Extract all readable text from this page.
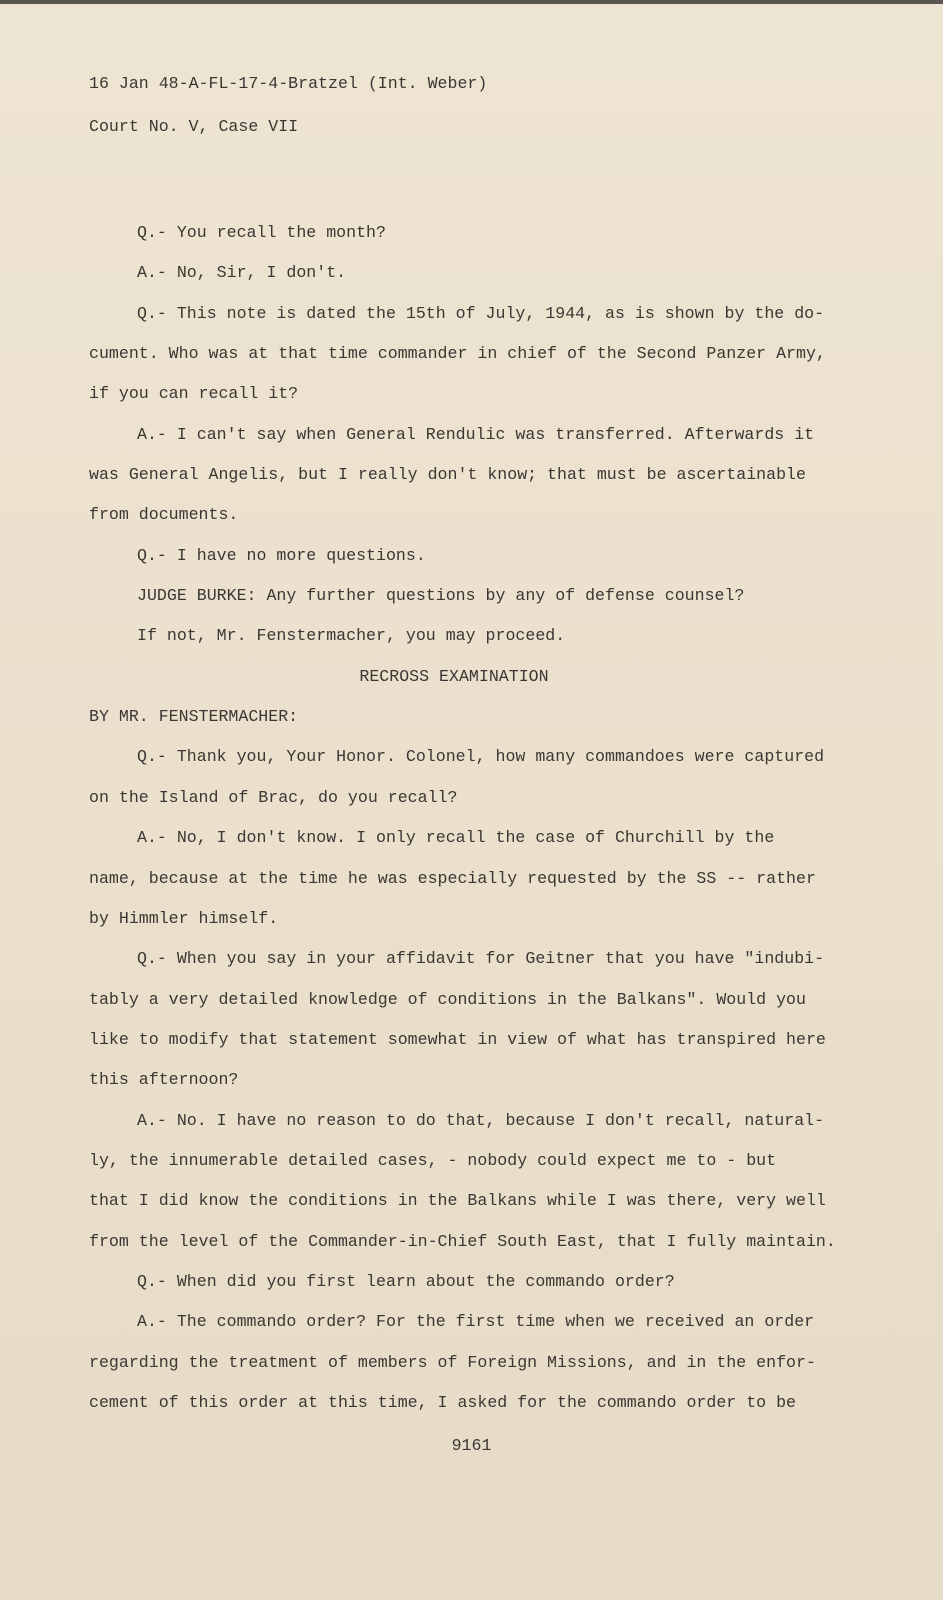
16 Jan 48-A-FL-17-4-Bratzel (Int. Weber)
Court No. V, Case VII
Q.- You recall the month?
A.- No, Sir, I don't.
Q.- This note is dated the 15th of July, 1944, as is shown by the do-
cument. Who was at that time commander in chief of the Second Panzer Army,
if you can recall it?
A.- I can't say when General Rendulic was transferred. Afterwards it
was General Angelis, but I really don't know; that must be ascertainable
from documents.
Q.- I have no more questions.
JUDGE BURKE: Any further questions by any of defense counsel?
If not, Mr. Fenstermacher, you may proceed.
RECROSS EXAMINATION
BY MR. FENSTERMACHER:
Q.- Thank you, Your Honor. Colonel, how many commandoes were captured
on the Island of Brac, do you recall?
A.- No, I don't know. I only recall the case of Churchill by the
name, because at the time he was especially requested by the SS -- rather
by Himmler himself.
Q.- When you say in your affidavit for Geitner that you have "indubi-
tably a very detailed knowledge of conditions in the Balkans". Would you
like to modify that statement somewhat in view of what has transpired here
this afternoon?
A.- No. I have no reason to do that, because I don't recall, natural-
ly, the innumerable detailed cases, - nobody could expect me to - but
that I did know the conditions in the Balkans while I was there, very well
from the level of the Commander-in-Chief South East, that I fully maintain.
Q.- When did you first learn about the commando order?
A.- The commando order? For the first time when we received an order
regarding the treatment of members of Foreign Missions, and in the enfor-
cement of this order at this time, I asked for the commando order to be
9161
